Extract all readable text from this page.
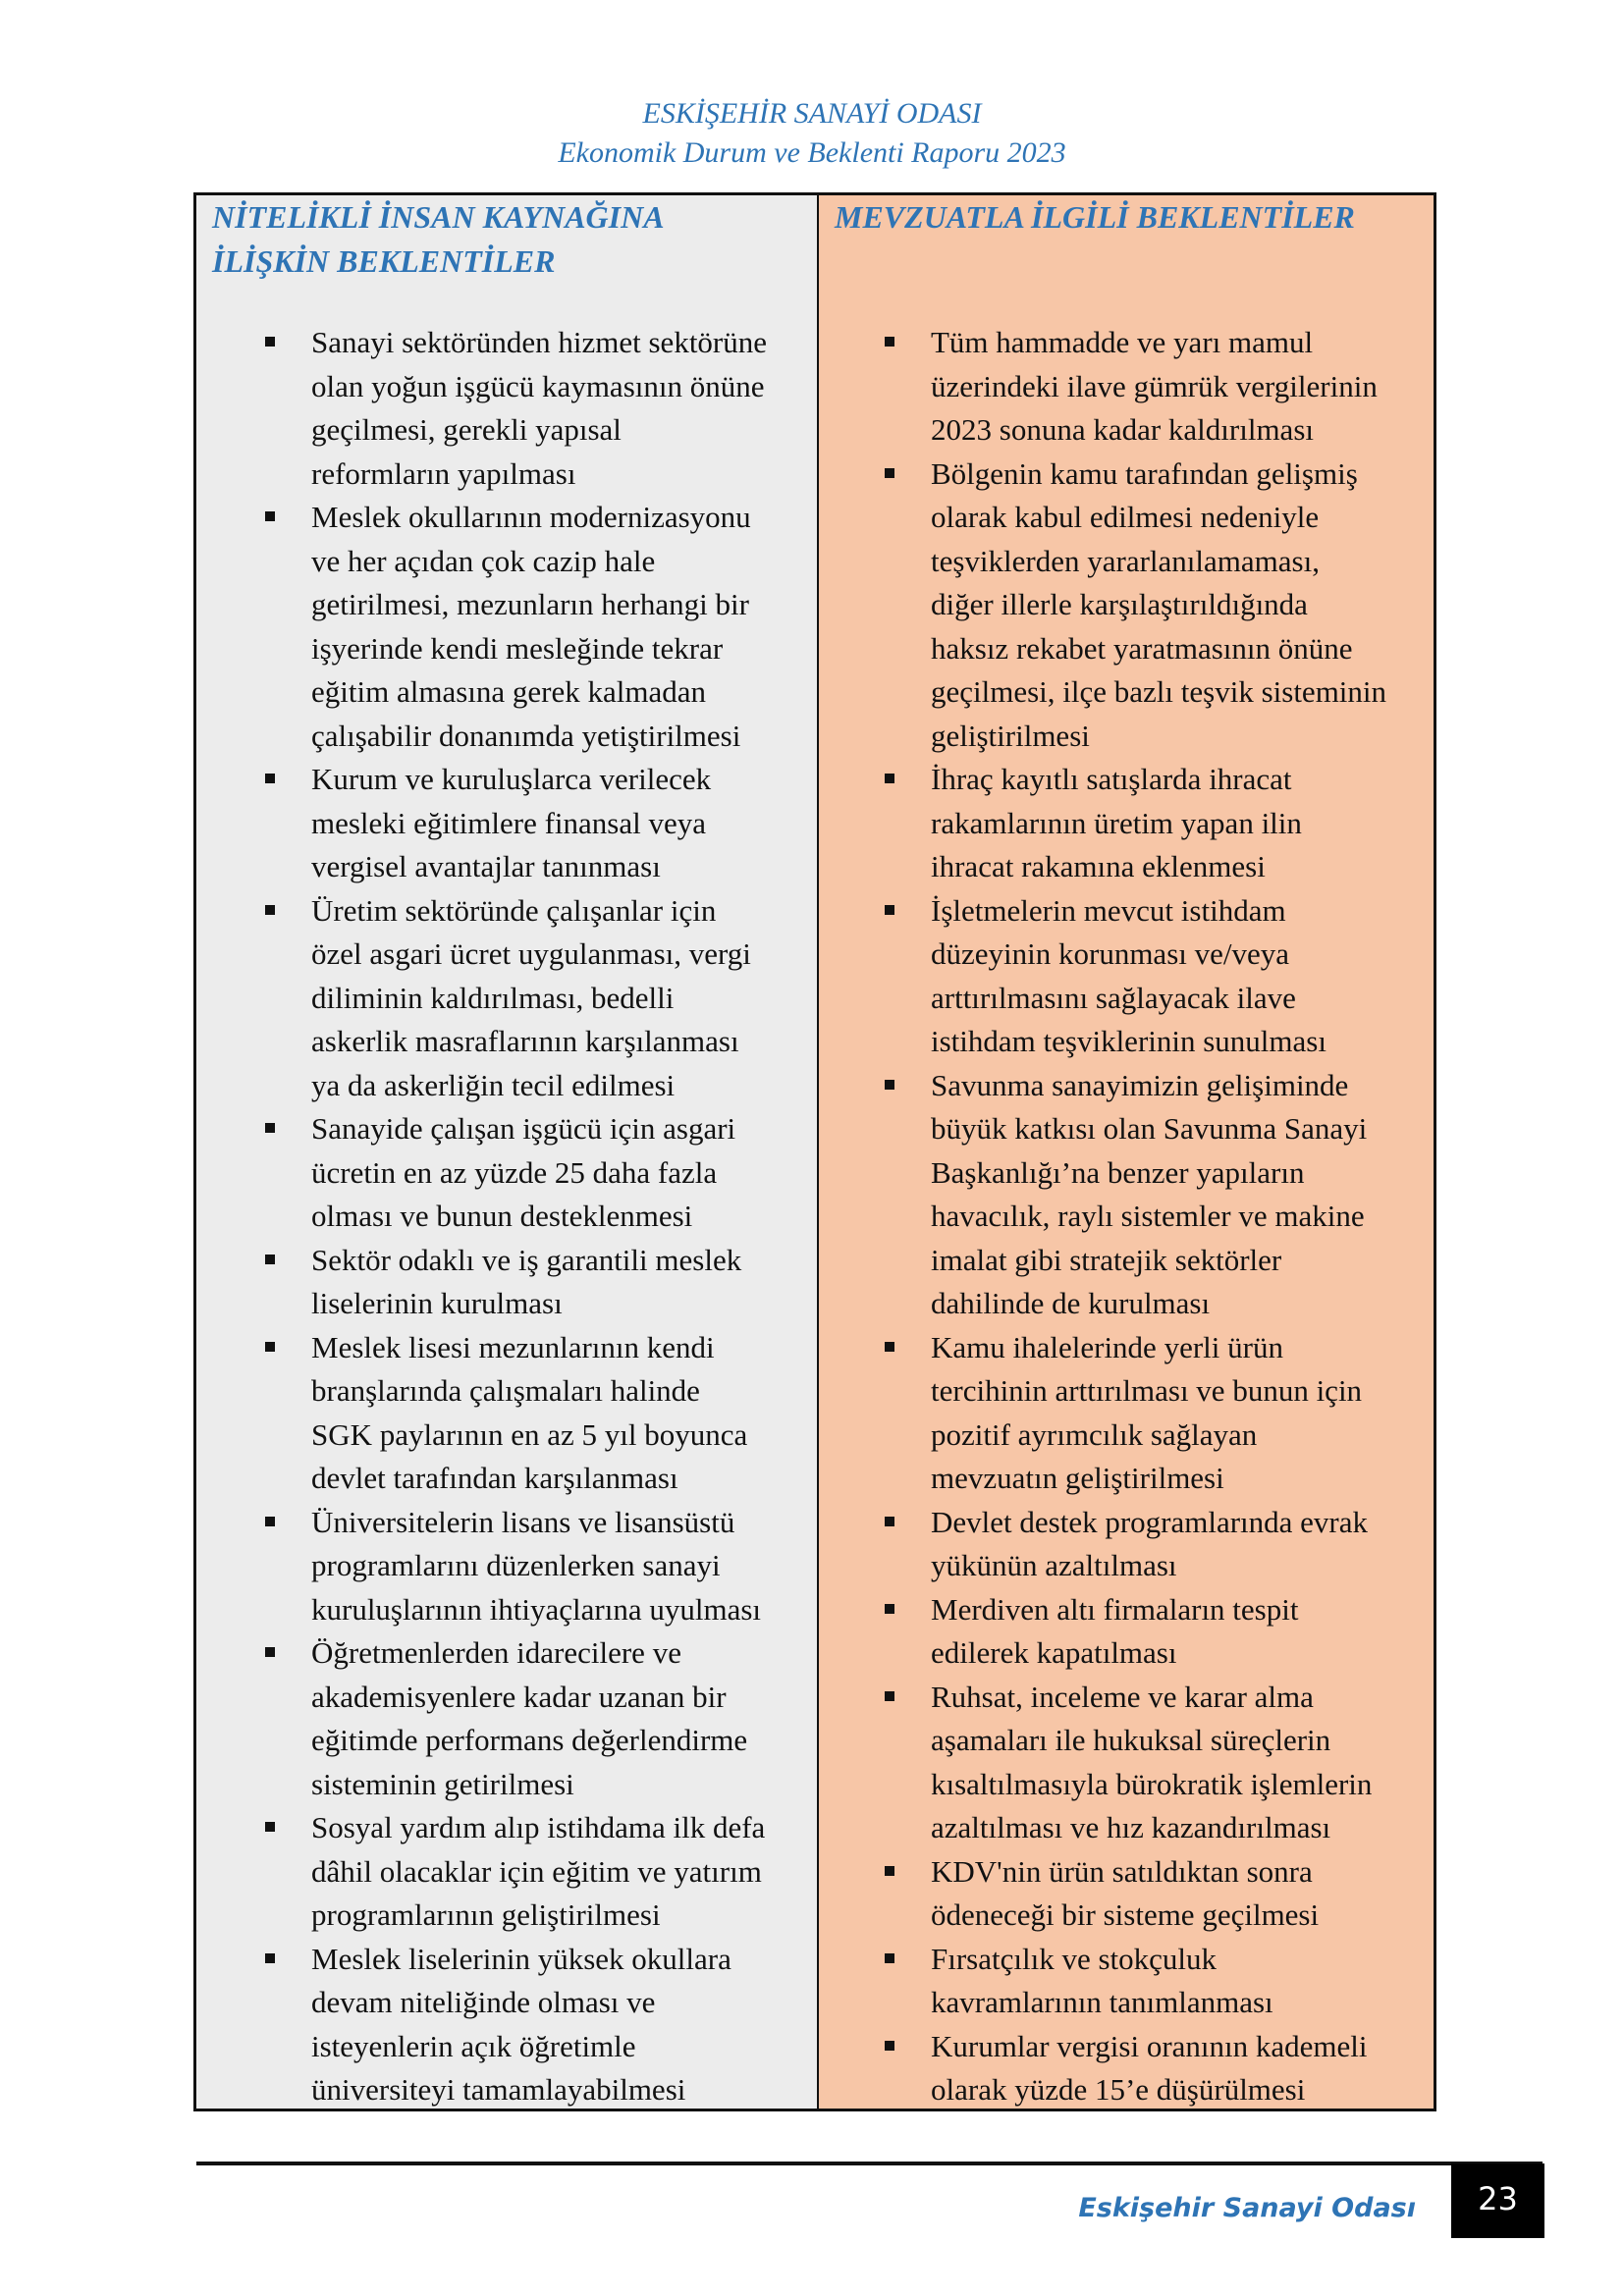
ESKİŞEHİR SANAYİ ODASI
Ekonomik Durum ve Beklenti Raporu 2023
NİTELİKLİ İNSAN KAYNAĞINA
İLİŞKİN BEKLENTİLER
Sanayi sektöründen hizmet sektörüne
olan yoğun işgücü kaymasının önüne
geçilmesi, gerekli yapısal
reformların yapılması
Meslek okullarının modernizasyonu
ve her açıdan çok cazip hale
getirilmesi, mezunların herhangi bir
işyerinde kendi mesleğinde tekrar
eğitim almasına gerek kalmadan
çalışabilir donanımda yetiştirilmesi
Kurum ve kuruluşlarca verilecek
mesleki eğitimlere finansal veya
vergisel avantajlar tanınması
Üretim sektöründe çalışanlar için
özel asgari ücret uygulanması, vergi
diliminin kaldırılması, bedelli
askerlik masraflarının karşılanması
ya da askerliğin tecil edilmesi
Sanayide çalışan işgücü için asgari
ücretin en az yüzde 25 daha fazla
olması ve bunun desteklenmesi
Sektör odaklı ve iş garantili meslek
liselerinin kurulması
Meslek lisesi mezunlarının kendi
branşlarında çalışmaları halinde
SGK paylarının en az 5 yıl boyunca
devlet tarafından karşılanması
Üniversitelerin lisans ve lisansüstü
programlarını düzenlerken sanayi
kuruluşlarının ihtiyaçlarına uyulması
Öğretmenlerden idarecilere ve
akademisyenlere kadar uzanan bir
eğitimde performans değerlendirme
sisteminin getirilmesi
Sosyal yardım alıp istihdama ilk defa
dâhil olacaklar için eğitim ve yatırım
programlarının geliştirilmesi
Meslek liselerinin yüksek okullara
devam niteliğinde olması ve
isteyenlerin açık öğretimle
üniversiteyi tamamlayabilmesi
MEVZUATLA İLGİLİ BEKLENTİLER
Tüm hammadde ve yarı mamul
üzerindeki ilave gümrük vergilerinin
2023 sonuna kadar kaldırılması
Bölgenin kamu tarafından gelişmiş
olarak kabul edilmesi nedeniyle
teşviklerden yararlanılamaması,
diğer illerle karşılaştırıldığında
haksız rekabet yaratmasının önüne
geçilmesi, ilçe bazlı teşvik sisteminin
geliştirilmesi
İhraç kayıtlı satışlarda ihracat
rakamlarının üretim yapan ilin
ihracat rakamına eklenmesi
İşletmelerin mevcut istihdam
düzeyinin korunması ve/veya
arttırılmasını sağlayacak ilave
istihdam teşviklerinin sunulması
Savunma sanayimizin gelişiminde
büyük katkısı olan Savunma Sanayi
Başkanlığı’na benzer yapıların
havacılık, raylı sistemler ve makine
imalat gibi stratejik sektörler
dahilinde de kurulması
Kamu ihalelerinde yerli ürün
tercihinin arttırılması ve bunun için
pozitif ayrımcılık sağlayan
mevzuatın geliştirilmesi
Devlet destek programlarında evrak
yükünün azaltılması
Merdiven altı firmaların tespit
edilerek kapatılması
Ruhsat, inceleme ve karar alma
aşamaları ile hukuksal süreçlerin
kısaltılmasıyla bürokratik işlemlerin
azaltılması ve hız kazandırılması
KDV'nin ürün satıldıktan sonra
ödeneceği bir sisteme geçilmesi
Fırsatçılık ve stokçuluk
kavramlarının tanımlanması
Kurumlar vergisi oranının kademeli
olarak yüzde 15’e düşürülmesi
Eskişehir Sanayi Odası	23
